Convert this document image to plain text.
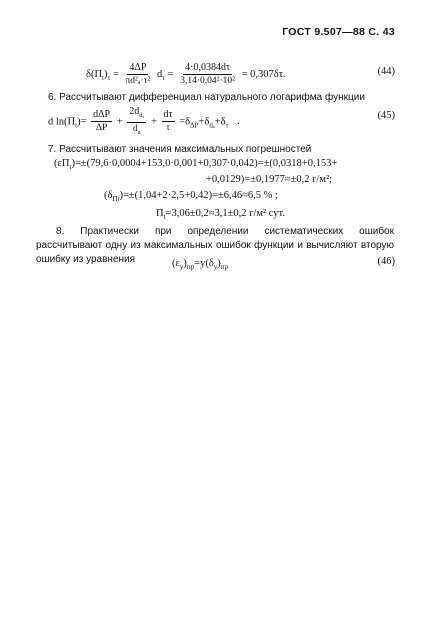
ГОСТ 9.507—88 С. 43
$\delta(\Pi_t)_\tau = \frac{4\Delta P}{\text{πd²ₐ·τ²}} d_\tau = \frac{4\cdot 0,0384d\tau}{\text{3,14·0,04²·10²}} = 0,307\delta\tau$.	(44)
6. Рассчитывают дифференциал натурального логарифма функции
d $\ln(\Pi_t)= \frac{\text{dΔP}}{\Delta P} + \frac{2d_{d_a}}{d_a} + \frac{d\tau}{\tau} =\delta_{\Delta P}+\delta_{d_a}+\delta_\tau$ .
(45)
7. Рассчитывают значения максимальных погрешностей
$(\varepsilon\Pi_t)=\pm(79,6\cdot 0,0004+153,0\cdot 0,001+0,307\cdot 0,042)=\pm(0,0318+0,153+$
+0,0129)=±0,1977≈±0,2 г/м²;
$(\delta_{\Pi t})=\pm(1,04+2\cdot 2,5+0,42)=\pm 6,46\approx 6,5$ % ;
$\Pi_t=3,06\pm 0,2\approx 3,1\pm 0,2$ г/м² сут.
8. Практически при определении систематических ошибок рассчитывают одну из максимальных ошибок функции и вычисляют вторую ошибку из уравнения	$(\varepsilon_y)_{пр}=y(\delta_y)_{пр}$
(46)
